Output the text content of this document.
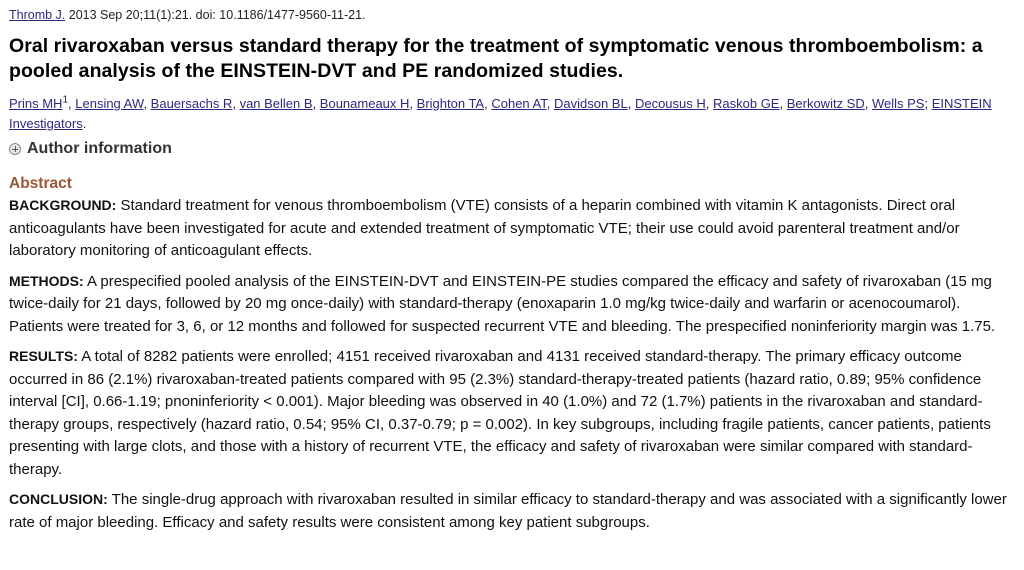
Thromb J. 2013 Sep 20;11(1):21. doi: 10.1186/1477-9560-11-21.
Oral rivaroxaban versus standard therapy for the treatment of symptomatic venous thromboembolism: a pooled analysis of the EINSTEIN-DVT and PE randomized studies.
Prins $MH^1$, Lensing AW, Bauersachs R, van Bellen B, Bounameaux H, Brighton TA, Cohen AT, Davidson BL, Decousus H, Raskob GE, Berkowitz SD, Wells PS; EINSTEIN Investigators.
Author information
Abstract

BACKGROUND: Standard treatment for venous thromboembolism (VTE) consists of a heparin combined with vitamin K antagonists. Direct oral anticoagulants have been investigated for acute and extended treatment of symptomatic VTE; their use could avoid parenteral treatment and/or laboratory monitoring of anticoagulant effects.

METHODS: A prespecified pooled analysis of the EINSTEIN-DVT and EINSTEIN-PE studies compared the efficacy and safety of rivaroxaban (15 mg twice-daily for 21 days, followed by 20 mg once-daily) with standard-therapy (enoxaparin 1.0 mg/kg twice-daily and warfarin or acenocoumarol). Patients were treated for 3, 6, or 12 months and followed for suspected recurrent VTE and bleeding. The prespecified noninferiority margin was 1.75.

RESULTS: A total of 8282 patients were enrolled; 4151 received rivaroxaban and 4131 received standard-therapy. The primary efficacy outcome occurred in 86 (2.1%) rivaroxaban-treated patients compared with 95 (2.3%) standard-therapy-treated patients (hazard ratio, 0.89; 95% confidence interval [CI], 0.66-1.19; pnoninferiority < 0.001). Major bleeding was observed in 40 (1.0%) and 72 (1.7%) patients in the rivaroxaban and standard-therapy groups, respectively (hazard ratio, 0.54; 95% CI, 0.37-0.79; p = 0.002). In key subgroups, including fragile patients, cancer patients, patients presenting with large clots, and those with a history of recurrent VTE, the efficacy and safety of rivaroxaban were similar compared with standard-therapy.

CONCLUSION: The single-drug approach with rivaroxaban resulted in similar efficacy to standard-therapy and was associated with a significantly lower rate of major bleeding. Efficacy and safety results were consistent among key patient subgroups.
